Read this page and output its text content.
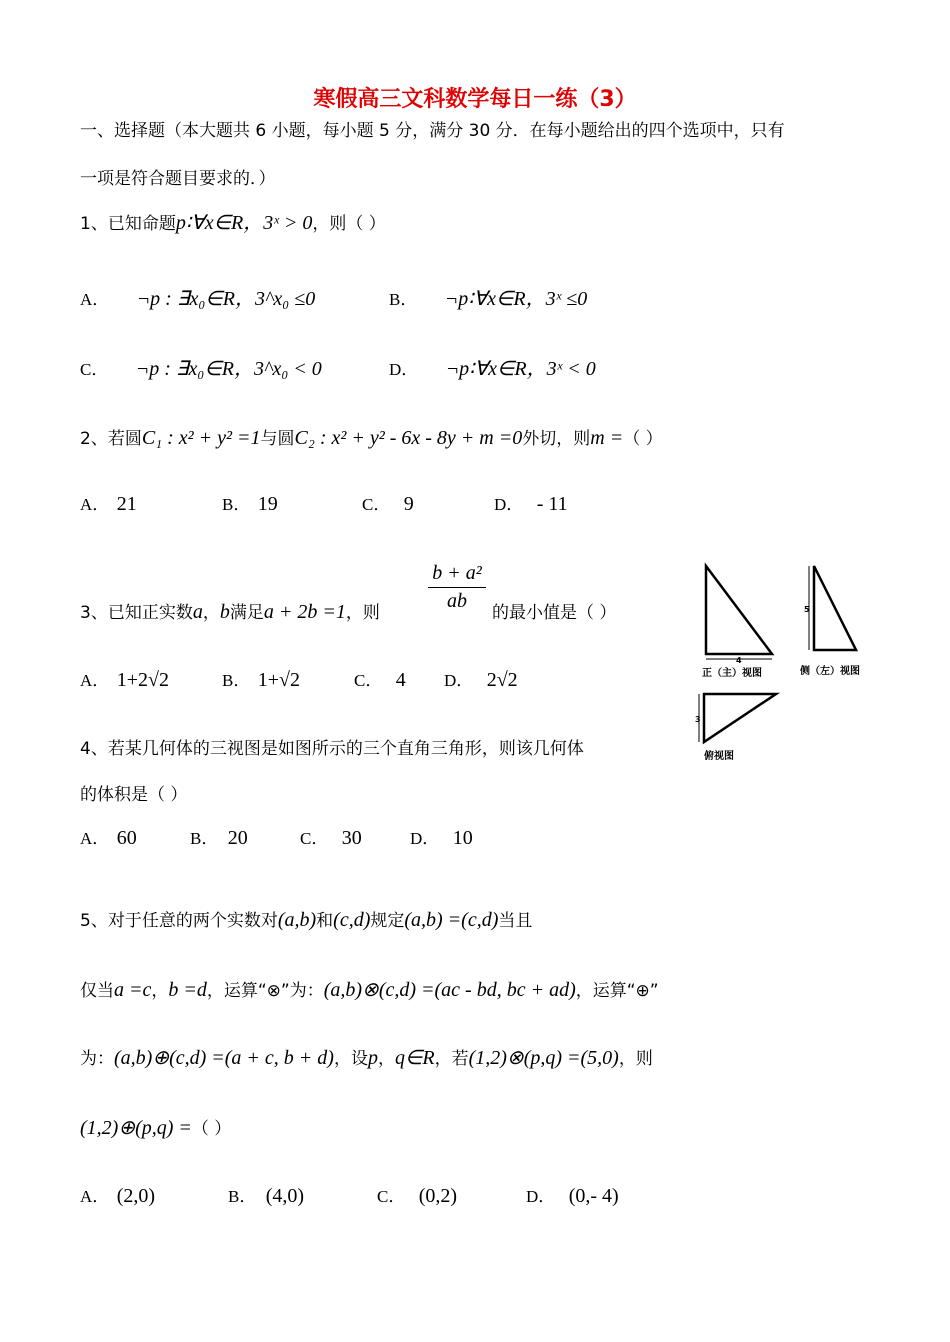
寒假高三文科数学每日一练（3）
一、选择题（本大题共 6 小题，每小题 5 分，满分 30 分．在每小题给出的四个选项中，只有
一项是符合题目要求的．）
1、已知命题p∶∀x∈R，3ˣ > 0，则（ ）
A． ¬p : ∃x₀∈R，3^x₀ ≤0	B． ¬p∶∀x∈R，3ˣ ≤0
C． ¬p : ∃x₀∈R，3^x₀ < 0	D． ¬p∶∀x∈R，3ˣ < 0
2、若圆C₁ : x² + y² =1与圆C₂ : x² + y² - 6x - 8y + m =0外切，则m =（ ）
A． 21	B． 19	C． 9	D． - 11
3、已知正实数a，b满足a + 2b =1，则
b + a²
ab
的最小值是（ ）
A． 1+2√2	B． 1+√2	C． 4 D． 2√2
4、若某几何体的三视图是如图所示的三个直角三角形，则该几何体
的体积是（ ）
A． 60	B． 20	C． 30	D． 10
4
正（主）视图
5
侧（左）视图
3
俯视图
5、对于任意的两个实数对(a,b)和(c,d)规定(a,b) =(c,d)当且
仅当a =c，b =d，运算“⊗”为：(a,b)⊗(c,d) =(ac - bd, bc + ad)，运算“⊕”
为：(a,b)⊕(c,d) =(a + c, b + d)，设p，q∈R，若(1,2)⊗(p,q) =(5,0)，则
(1,2)⊕(p,q) =（ ）
A． (2,0)	B． (4,0)	C． (0,2)	D． (0,- 4)
